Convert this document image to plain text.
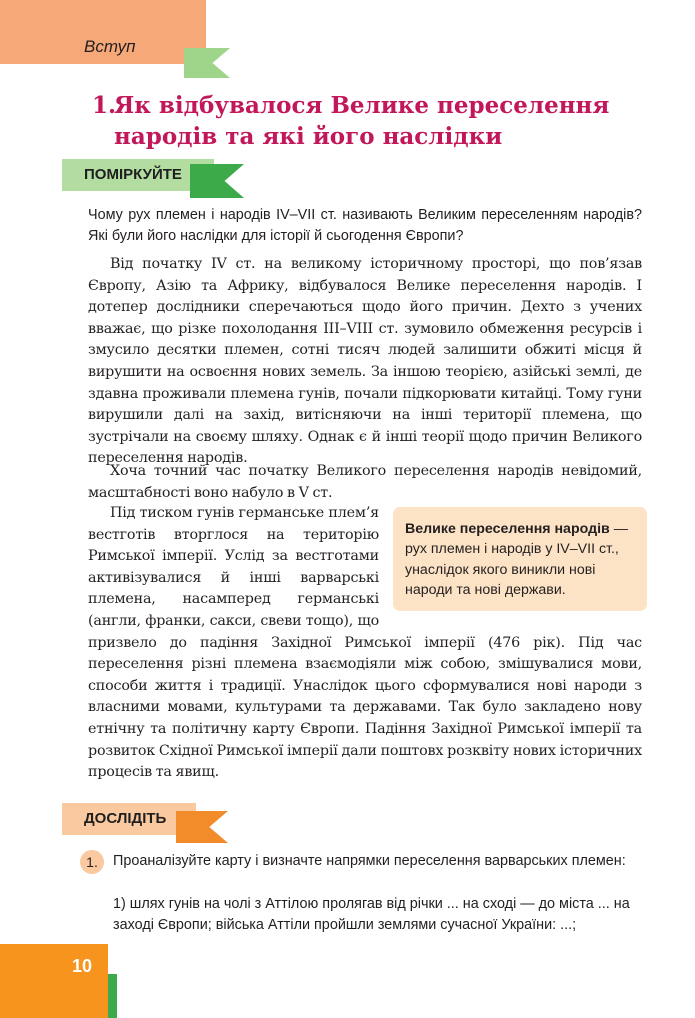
Вступ
1.Як відбувалося Велике переселення
народів та які його наслідки
ПОМІРКУЙТЕ

Чому рух племен і народів IV–VII ст. називають Великим переселенням народів? Які були його наслідки для історії й сьогодення Європи?

Від початку IV ст. на великому історичному просторі, що пов’язав Європу, Азію та Африку, відбувалося Велике переселення народів. І дотепер дослідники сперечаються щодо його причин. Дехто з учених вважає, що різке похолодання III–VIII ст. зумовило обмеження ресурсів і змусило десятки племен, сотні тисяч людей залишити обжиті місця й вирушити на освоєння нових земель. За іншою теорією, азійські землі, де здавна проживали племена гунів, почали підкорювати китайці. Тому гуни вирушили далі на захід, витісняючи на інші території племена, що зустрічали на своєму шляху. Однак є й інші теорії щодо причин Великого переселення народів.

Хоча точний час початку Великого переселення народів невідомий, масштабності воно набуло в V ст.

Велике переселення народів — рух племен і народів у IV–VII ст., унаслідок якого виникли нові народи та нові держави.
Під тиском гунів германське плем’я вестготів вторглося на територію Римської імперії. Услід за вестготами активізувалися й інші варварські племена, насамперед германські (англи, франки, сакси, свеви тощо), що призвело до падіння Західної Римської імперії (476 рік). Під час переселення різні племена взаємодіяли між собою, змішувалися мови, способи життя і традиції. Унаслідок цього сформувалися нові народи з власними мовами, культурами та державами. Так було закладено нову етнічну та політичну карту Європи. Падіння Західної Римської імперії та розвиток Східної Римської імперії дали поштовх розквіту нових історичних процесів та явищ.
ДОСЛІДІТЬ
1.	Проаналізуйте карту і визначте напрямки переселення варварських племен:

1) шлях гунів на чолі з Аттілою пролягав від річки ... на сході — до міста ... на заході Європи; війська Аттіли пройшли землями сучасної України: ...;

10
